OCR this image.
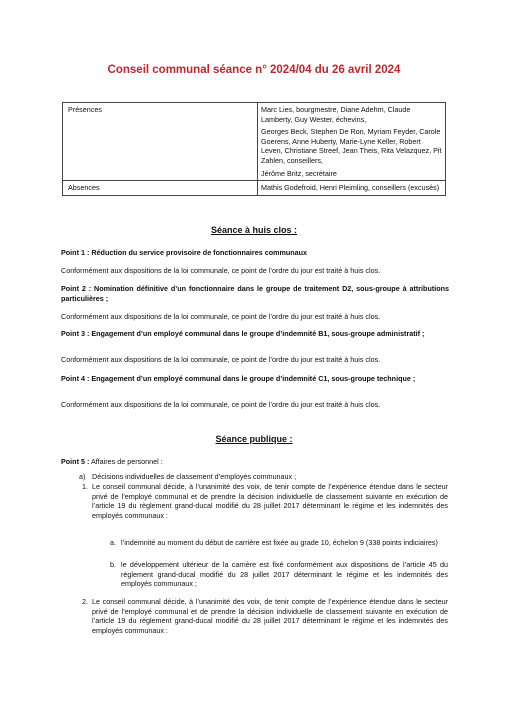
Conseil communal séance n° 2024/04 du 26 avril 2024
Présences	Marc Lies, bourgmestre, Diane Adehm, Claude Lamberty, Guy Wester, échevins,
Georges Beck, Stephen De Ron, Myriam Feyder, Carole Goerens, Anne Huberty, Marie-Lyne Keller, Robert Leven, Christiane Streef, Jean Theis, Rita Velazquez, Pit Zahlen, conseillers,
Jérôme Britz, secrétaire

Absences	Mathis Godefroid, Henri Pleimling, conseillers (excusés)
Séance à huis clos :
Point 1 : Réduction du service provisoire de fonctionnaires communaux
Conformément aux dispositions de la loi communale, ce point de l’ordre du jour est traité à huis clos.
Point 2 : Nomination définitive d’un fonctionnaire dans le groupe de traitement D2, sous-groupe à attributions particulières ;
Conformément aux dispositions de la loi communale, ce point de l’ordre du jour est traité à huis clos.
Point 3 : Engagement d’un employé communal dans le groupe d’indemnité B1, sous-groupe administratif ;
Conformément aux dispositions de la loi communale, ce point de l’ordre du jour est traité à huis clos.
Point 4 : Engagement d’un employé communal dans le groupe d’indemnité C1, sous-groupe technique ;
Conformément aux dispositions de la loi communale, ce point de l’ordre du jour est traité à huis clos.
Séance publique :
Point 5 : Affaires de personnel :
a) Décisions individuelles de classement d’employés communaux ;
1. Le conseil communal décide, à l’unanimité des voix, de tenir compte de l’expérience étendue dans le secteur privé de l’employé communal et de prendre la décision individuelle de classement suivante en exécution de l’article 19 du règlement grand-ducal modifié du 28 juillet 2017 déterminant le régime et les indemnités des employés communaux :
a. l’indemnité au moment du début de carrière est fixée au grade 10, échelon 9 (338 points indiciaires)
b. le développement ultérieur de la carrière est fixé conformément aux dispositions de l’article 45 du règlement grand-ducal modifié du 28 juillet 2017 déterminant le régime et les indemnités des employés communaux ;
2. Le conseil communal décide, à l’unanimité des voix, de tenir compte de l’expérience étendue dans le secteur privé de l’employé communal et de prendre la décision individuelle de classement suivante en exécution de l’article 19 du règlement grand-ducal modifié du 28 juillet 2017 déterminant le régime et les indemnités des employés communaux :
